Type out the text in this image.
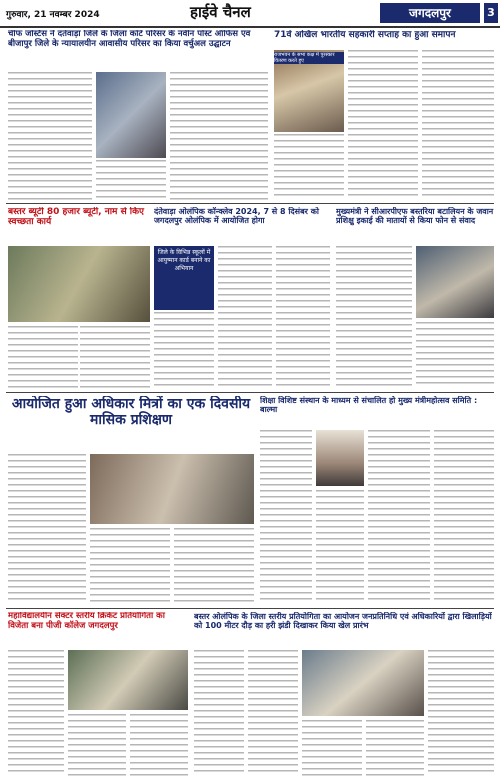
गुरुवार, 21 नवम्बर 2024	हाईवे चैनल	जगदलपुर	3
चीफ जस्टिस ने दंतेवाड़ा जिले के जिला कोर्ट परिसर के नवीन पोस्ट ऑफिस एवं बीजापुर जिले के न्यायालयीन आवासीय परिसर का किया वर्चुअल उद्घाटन
71वें अखिल भारतीय सहकारी सप्ताह का हुआ समापन
राजभवन के सभा कक्ष में पुरस्कार वितरण करते हुए
बस्तर ब्यूटी 80 हजार ब्यूटी, नाम से किए स्वच्छता कार्य
दंतेवाड़ा ओलंपिक कॉन्क्लेव 2024, 7 से 8 दिसंबर को जगदलपुर ओलंपिक में आयोजित होगा
जिले के विभिन्न स्कूलों में आयुष्मान कार्ड बनाने का अभियान
मुख्यमंत्री ने सीआरपीएफ बस्तरिया बटालियन के जवान प्रशिक्षु इकाई की मातायों से किया फोन से संवाद
आयोजित हुआ अधिकार मित्रों का एक दिवसीय मासिक प्रशिक्षण
शिक्षा विशिष्ट संस्थान के माध्यम से संचालित हो मुख्य मंत्रीमहोत्सव समिति : बाल्मा
महाविद्यालयीन सेक्टर स्तरीय क्रिकेट प्रतियोगिता का विजेता बना पीजी कॉलेज जगदलपुर
बस्तर ओलंपिक के जिला स्तरीय प्रतियोगिता का आयोजन जनप्रतिनिधि एवं अधिकारियों द्वारा खिलाड़ियों को 100 मीटर दौड़ का हरी झंडी दिखाकर किया खेल प्रारंभ
